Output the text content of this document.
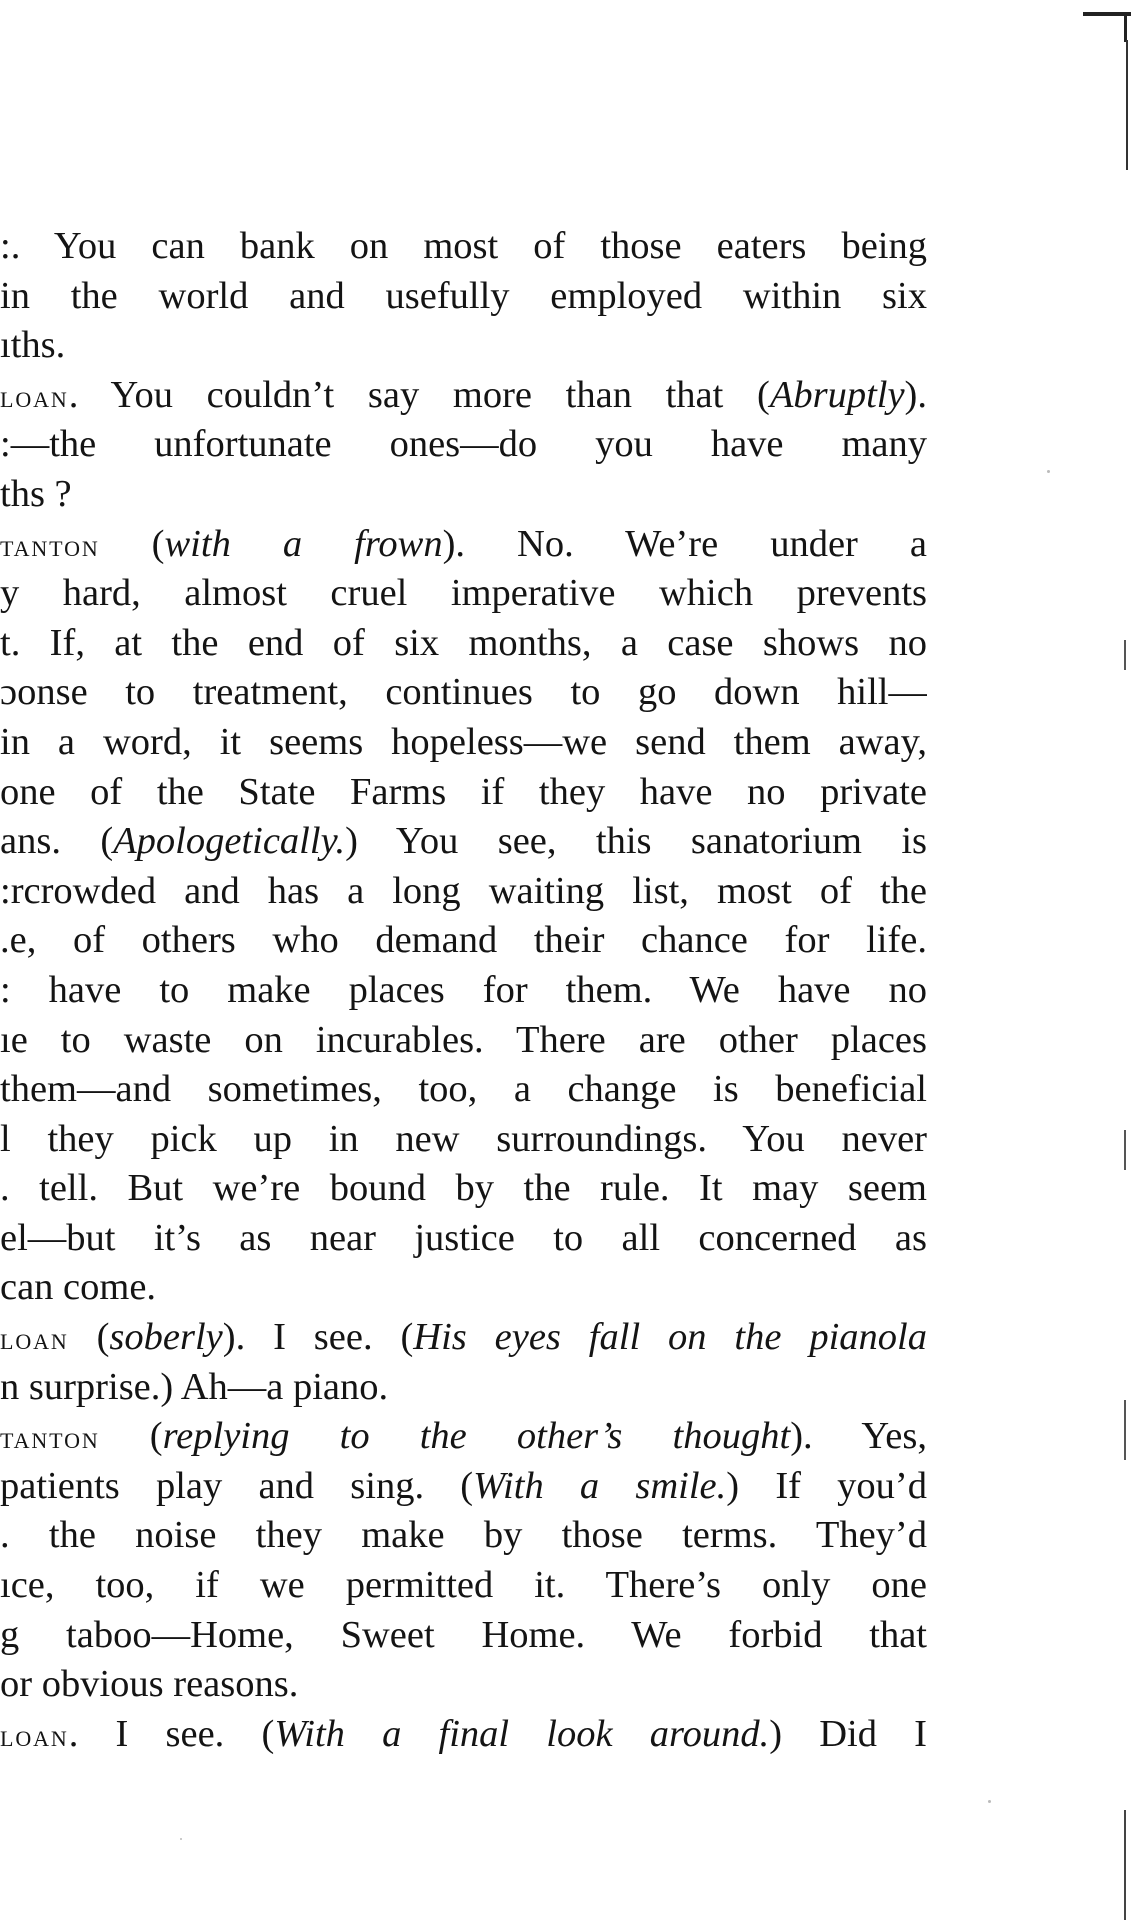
:. You can bank on most of those eaters being
in the world and usefully employed within six
ıths.
loan. You couldn’t say more than that (Abruptly).
:—the unfortunate ones—do you have many
ths ?
tanton (with a frown). No. We’re under a
y hard, almost cruel imperative which prevents
t. If, at the end of six months, a case shows no
ɔonse to treatment, continues to go down hill—
in a word, it seems hopeless—we send them away,
one of the State Farms if they have no private
ans. (Apologetically.) You see, this sanatorium is
:rcrowded and has a long waiting list, most of the
.e, of others who demand their chance for life.
: have to make places for them. We have no
ıe to waste on incurables. There are other places
them—and sometimes, too, a change is beneficial
l they pick up in new surroundings. You never
. tell. But we’re bound by the rule. It may seem
el—but it’s as near justice to all concerned as
can come.
loan (soberly). I see. (His eyes fall on the pianola
n surprise.) Ah—a piano.
tanton (replying to the other’s thought). Yes,
patients play and sing. (With a smile.) If you’d
. the noise they make by those terms. They’d
ıce, too, if we permitted it. There’s only one
g taboo—Home, Sweet Home. We forbid that
or obvious reasons.
loan. I see. (With a final look around.) Did I
